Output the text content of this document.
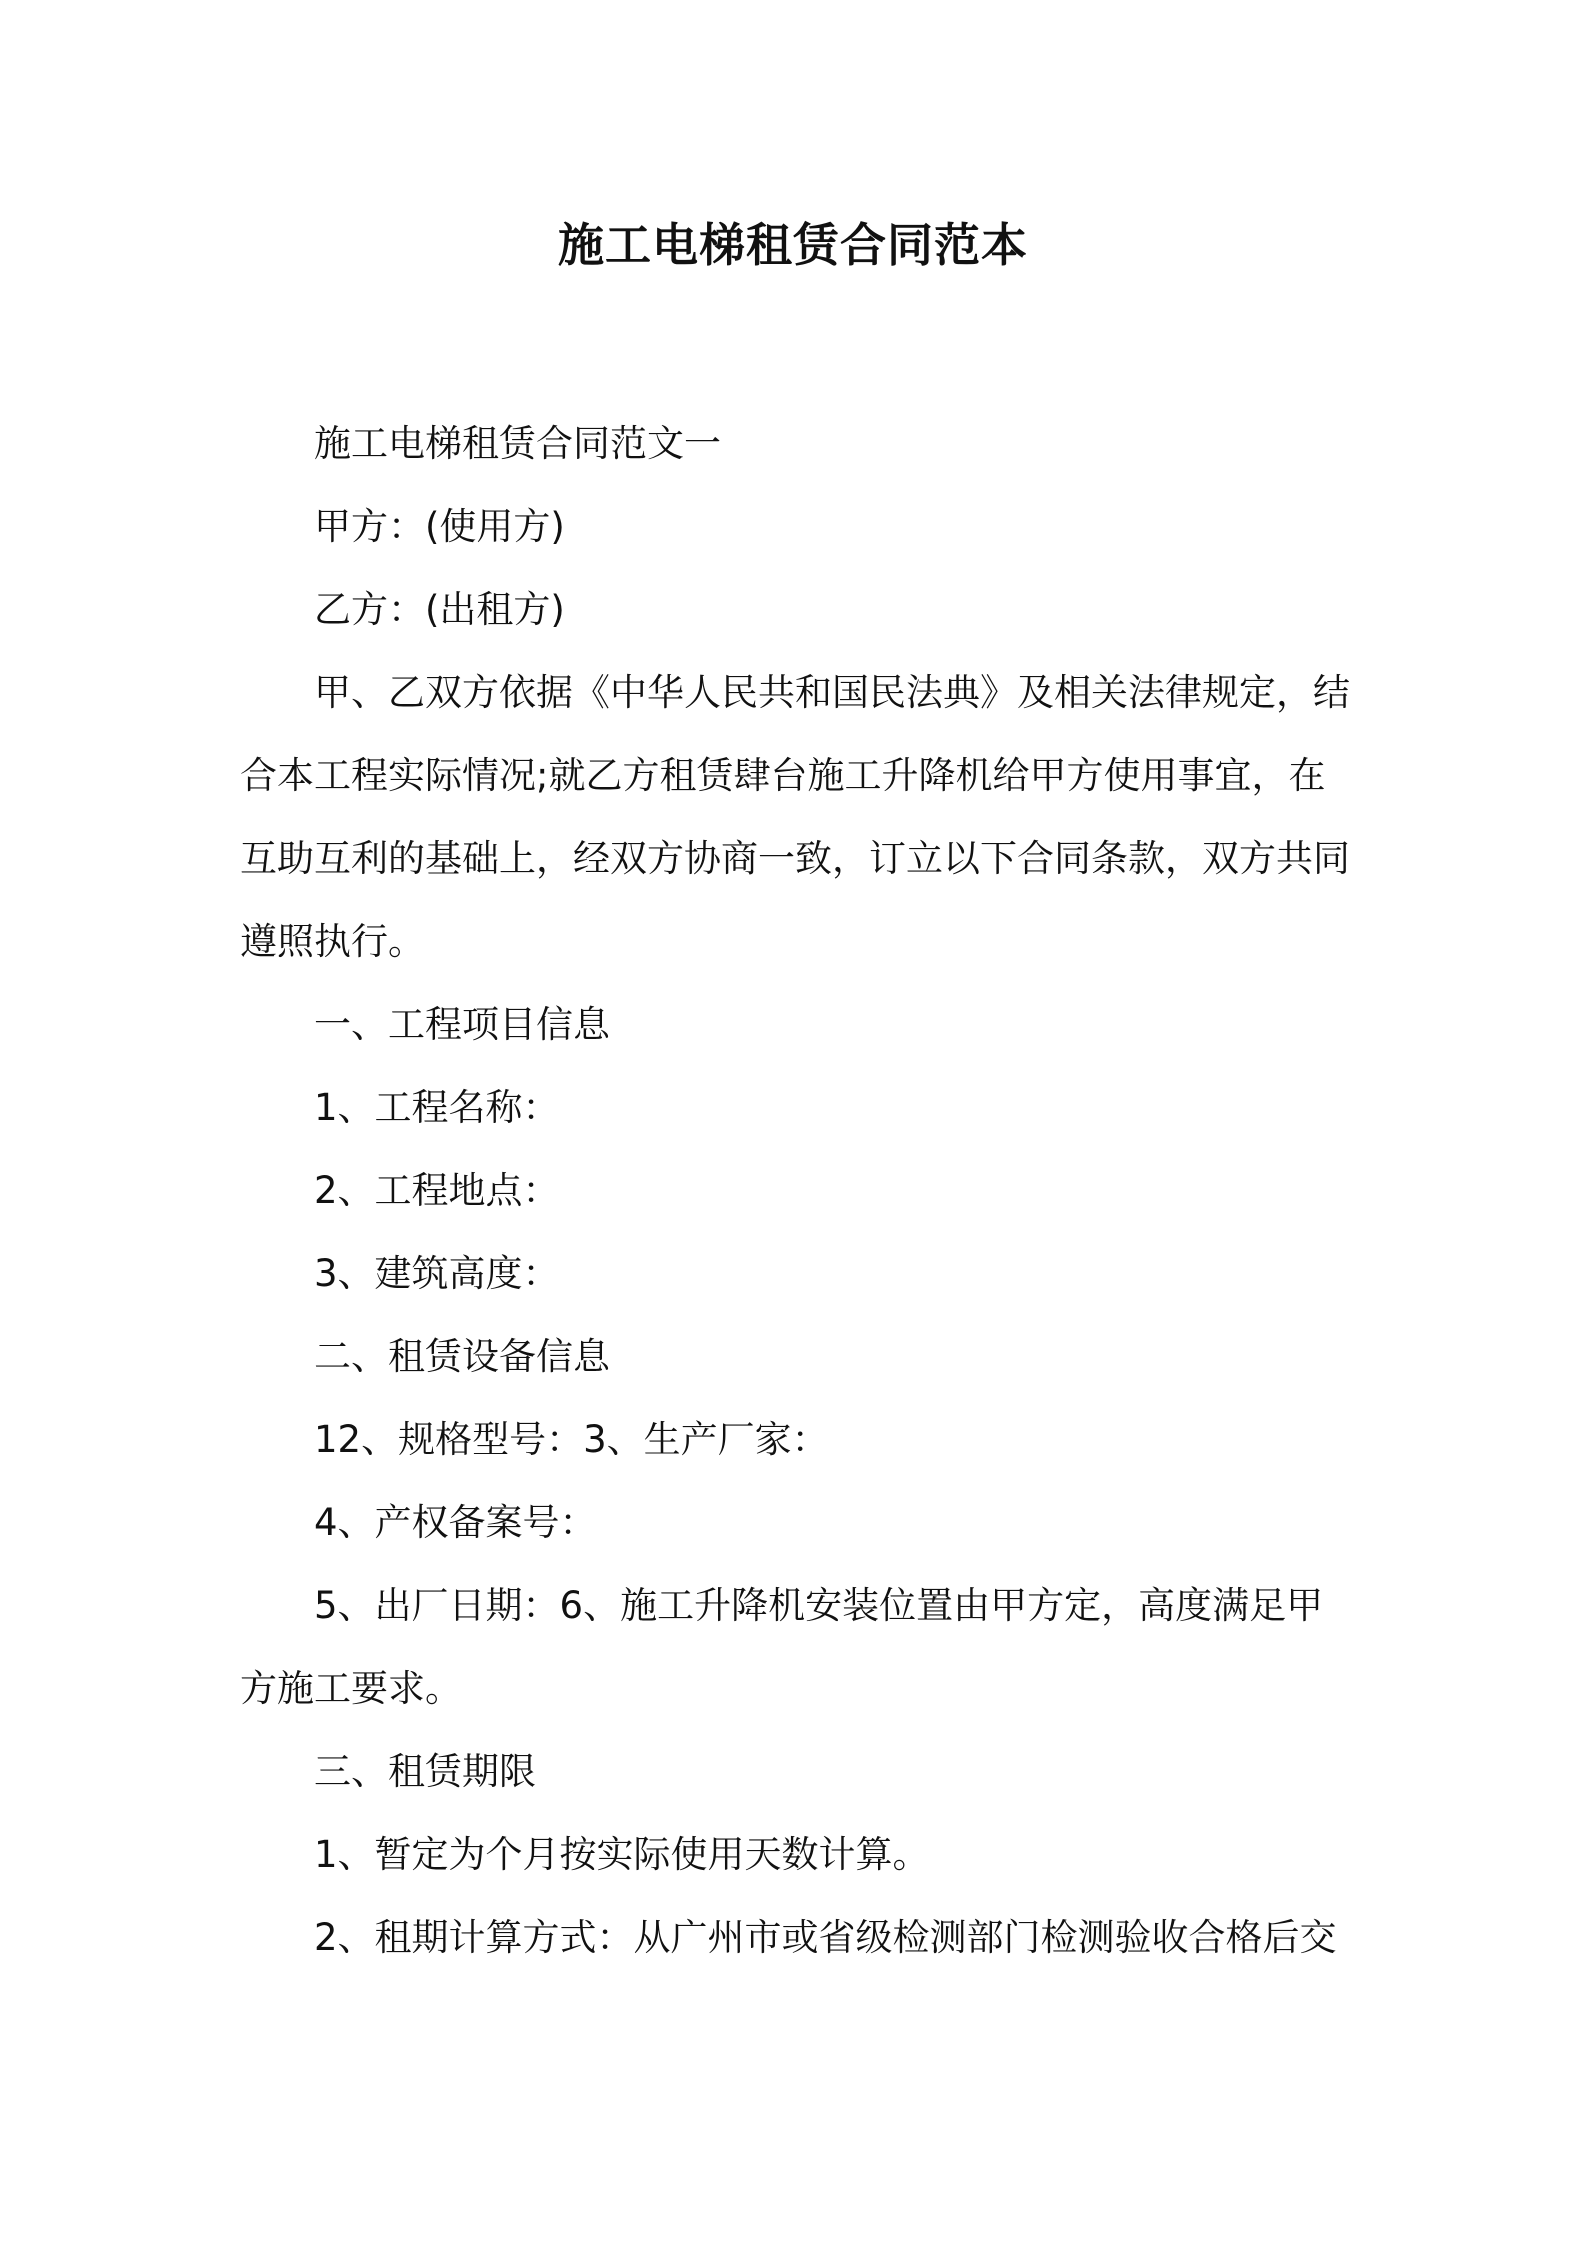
施工电梯租赁合同范本

施工电梯租赁合同范文一

甲方：(使用方)

乙方：(出租方)

甲、乙双方依据《中华人民共和国民法典》及相关法律规定，结合本工程实际情况;就乙方租赁肆台施工升降机给甲方使用事宜，在互助互利的基础上，经双方协商一致，订立以下合同条款，双方共同遵照执行。

一、工程项目信息

1、工程名称：

2、工程地点：

3、建筑高度：

二、租赁设备信息

12、规格型号：3、生产厂家：

4、产权备案号：

5、出厂日期：6、施工升降机安装位置由甲方定，高度满足甲方施工要求。

三、租赁期限

1、暂定为个月按实际使用天数计算。

2、租期计算方式：从广州市或省级检测部门检测验收合格后交
